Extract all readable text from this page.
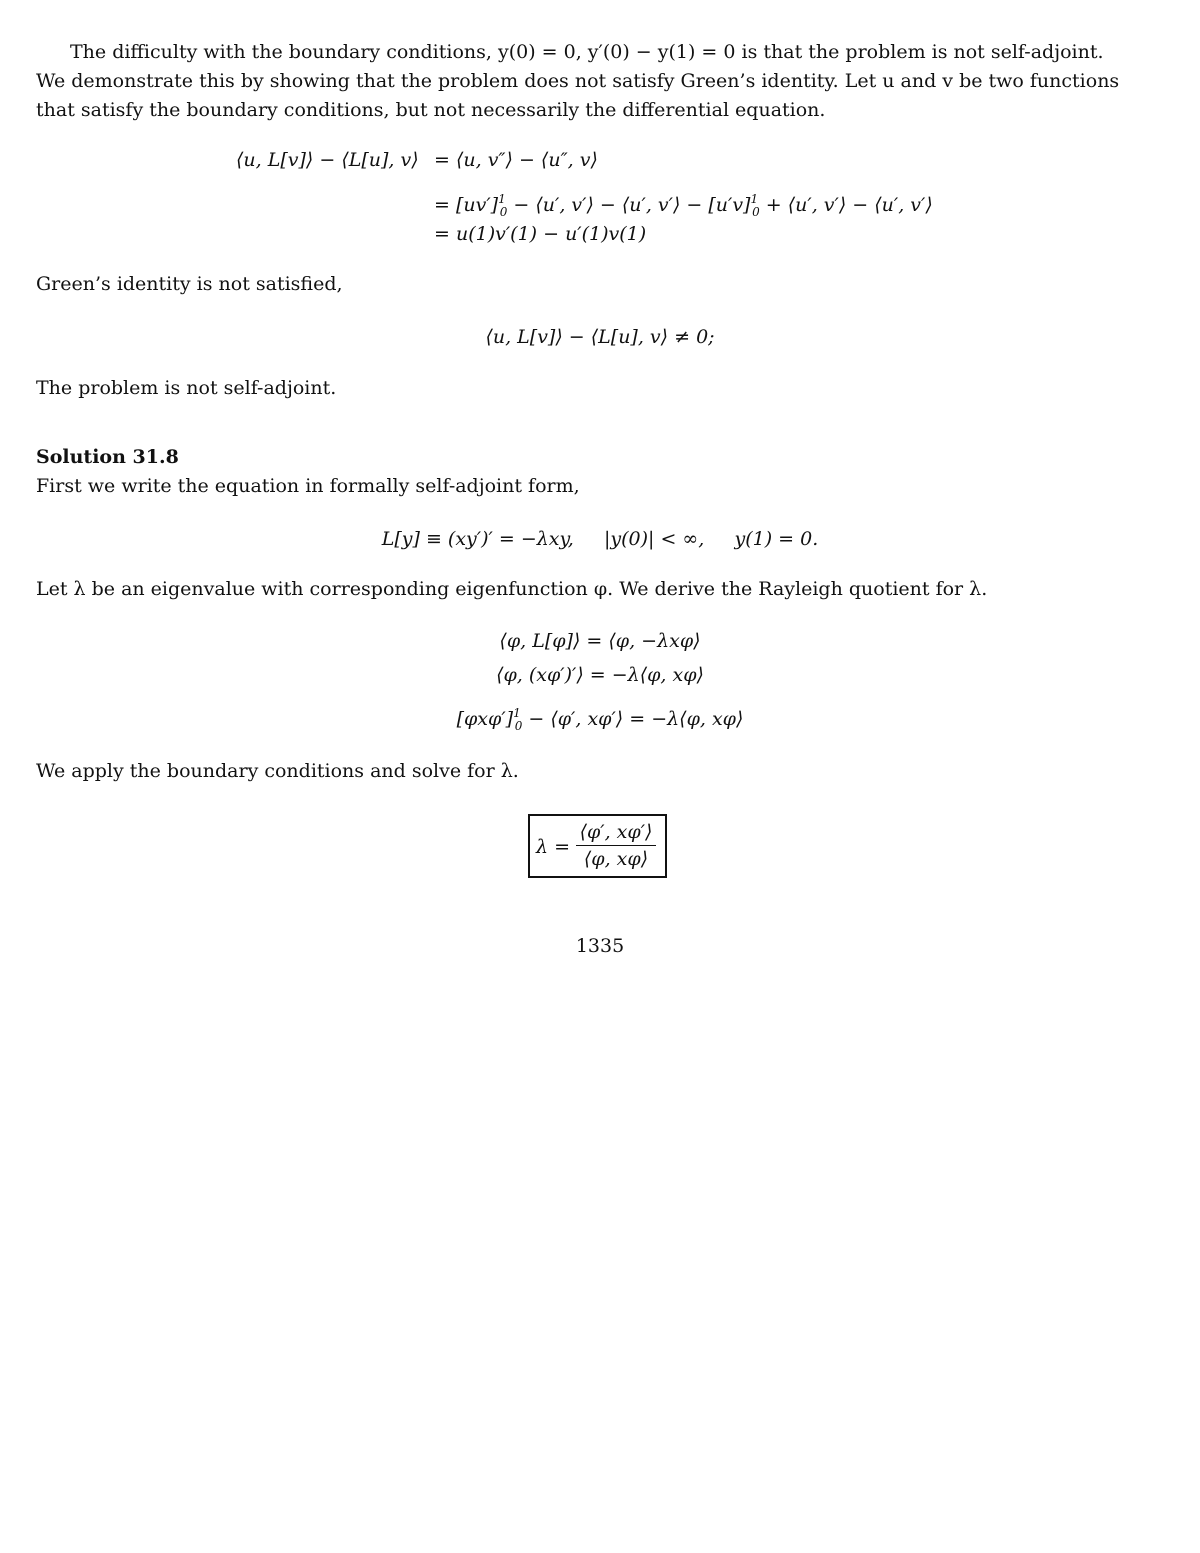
The difficulty with the boundary conditions, y(0) = 0, y′(0) − y(1) = 0 is that the problem is not self-adjoint.
We demonstrate this by showing that the problem does not satisfy Green’s identity. Let u and v be two functions
that satisfy the boundary conditions, but not necessarily the differential equation.
⟨u, L[v]⟩ − ⟨L[u], v⟩ = ⟨u, v″⟩ − ⟨u″, v⟩
= $[uv']^1_0$ − ⟨u′, v′⟩ − ⟨u′, v′⟩ − $[u'v]^1_0$ + ⟨u′, v′⟩ − ⟨u′, v′⟩
= u(1)v′(1) − u′(1)v(1)
Green’s identity is not satisfied,
⟨u, L[v]⟩ − ⟨L[u], v⟩ ≠ 0;
The problem is not self-adjoint.
Solution 31.8
First we write the equation in formally self-adjoint form,
L[y] ≡ (xy′)′ = −λxy,     |y(0)| < ∞,     y(1) = 0.
Let λ be an eigenvalue with corresponding eigenfunction φ. We derive the Rayleigh quotient for λ.
⟨φ, L[φ]⟩ = ⟨φ, −λxφ⟩
⟨φ, (xφ′)′⟩ = −λ⟨φ, xφ⟩
$[\varphi x\varphi']^1_0$ − ⟨φ′, xφ′⟩ = −λ⟨φ, xφ⟩
We apply the boundary conditions and solve for λ.
$\lambda = \frac{⟨\varphi', x\varphi'⟩}{⟨\varphi, x\varphi⟩}$
1335
